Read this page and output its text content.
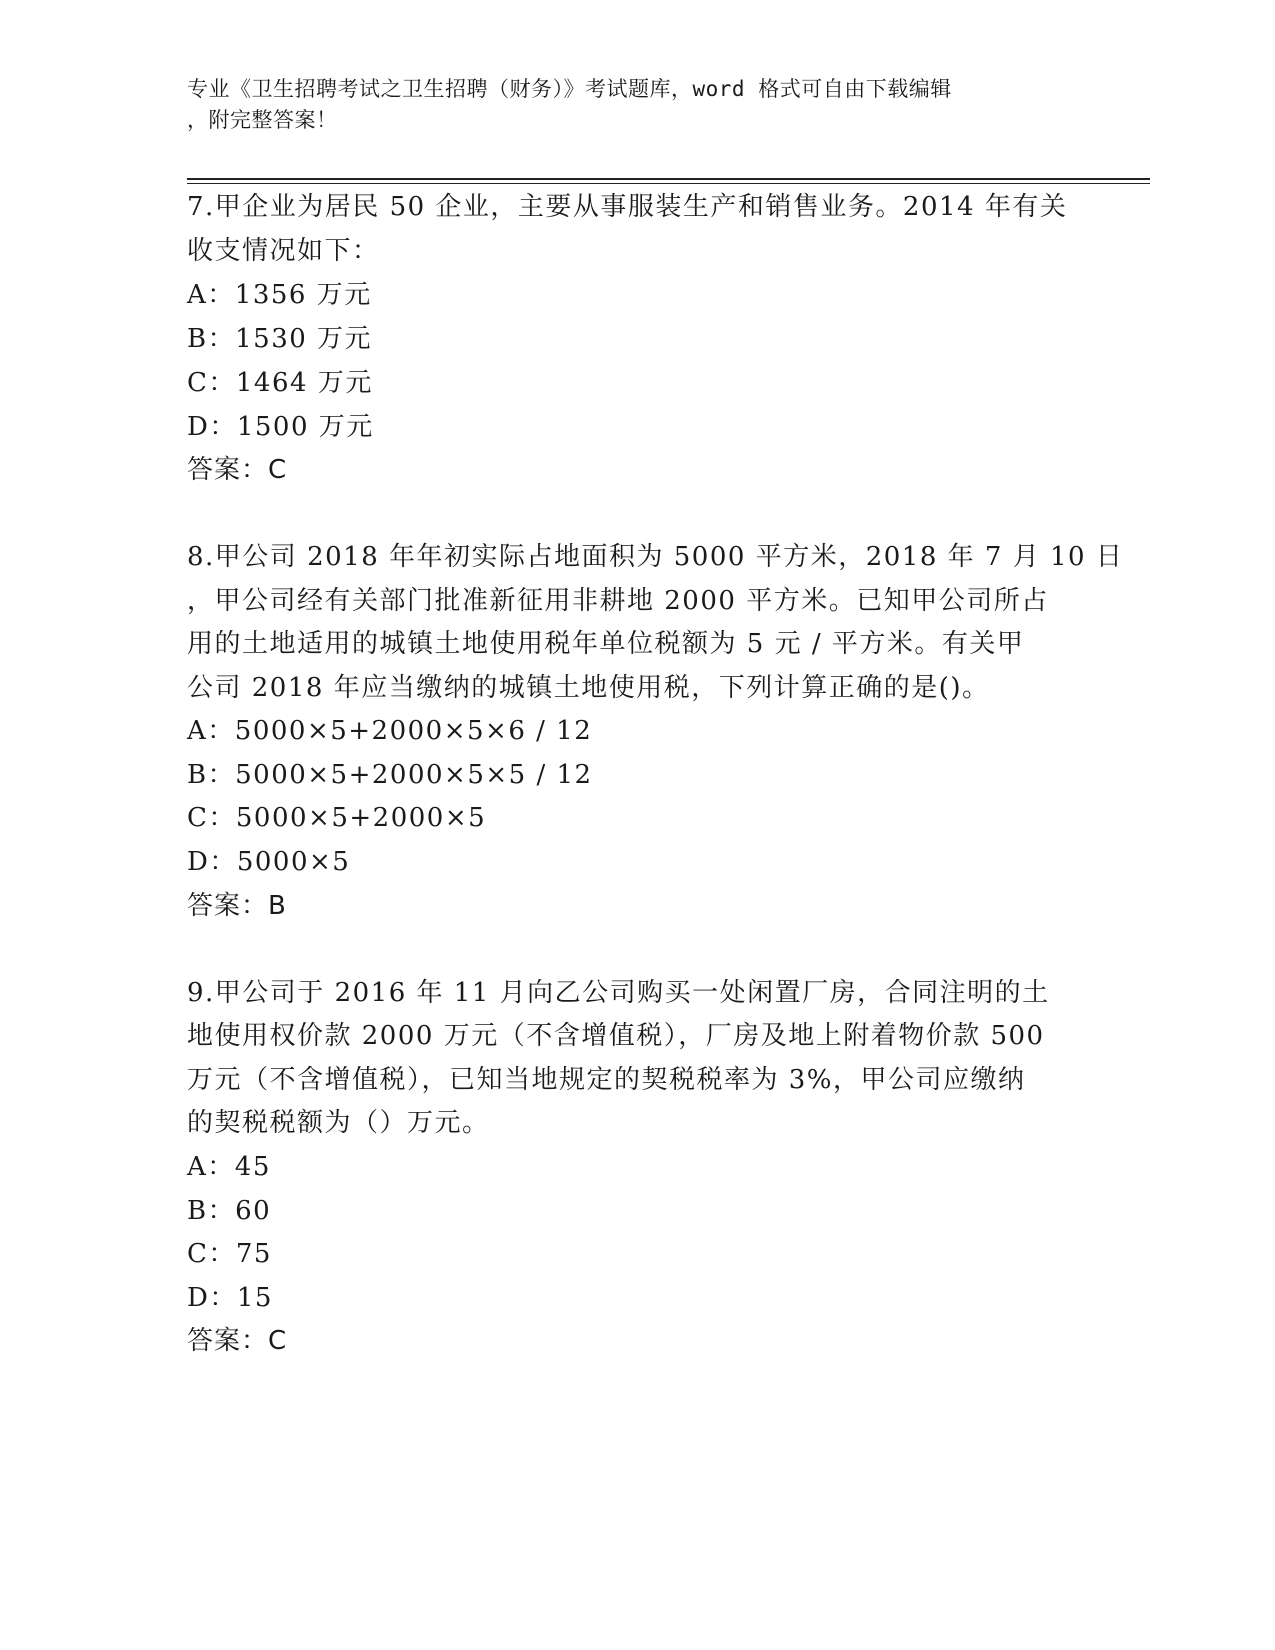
专业《卫生招聘考试之卫生招聘（财务）》考试题库，word 格式可自由下载编辑
，附完整答案！
7.甲企业为居民 50 企业，主要从事服装生产和销售业务。2014 年有关
收支情况如下：
A：1356 万元
B：1530 万元
C：1464 万元
D：1500 万元
答案：C
8.甲公司 2018 年年初实际占地面积为 5000 平方米，2018 年 7 月 10 日
，甲公司经有关部门批准新征用非耕地 2000 平方米。已知甲公司所占
用的土地适用的城镇土地使用税年单位税额为 5 元 / 平方米。有关甲
公司 2018 年应当缴纳的城镇土地使用税，下列计算正确的是()。
A：5000×5+2000×5×6 / 12
B：5000×5+2000×5×5 / 12
C：5000×5+2000×5
D：5000×5
答案：B
9.甲公司于 2016 年 11 月向乙公司购买一处闲置厂房，合同注明的土
地使用权价款 2000 万元（不含增值税），厂房及地上附着物价款 500
万元（不含增值税），已知当地规定的契税税率为 3%，甲公司应缴纳
的契税税额为（）万元。
A：45
B：60
C：75
D：15
答案：C
